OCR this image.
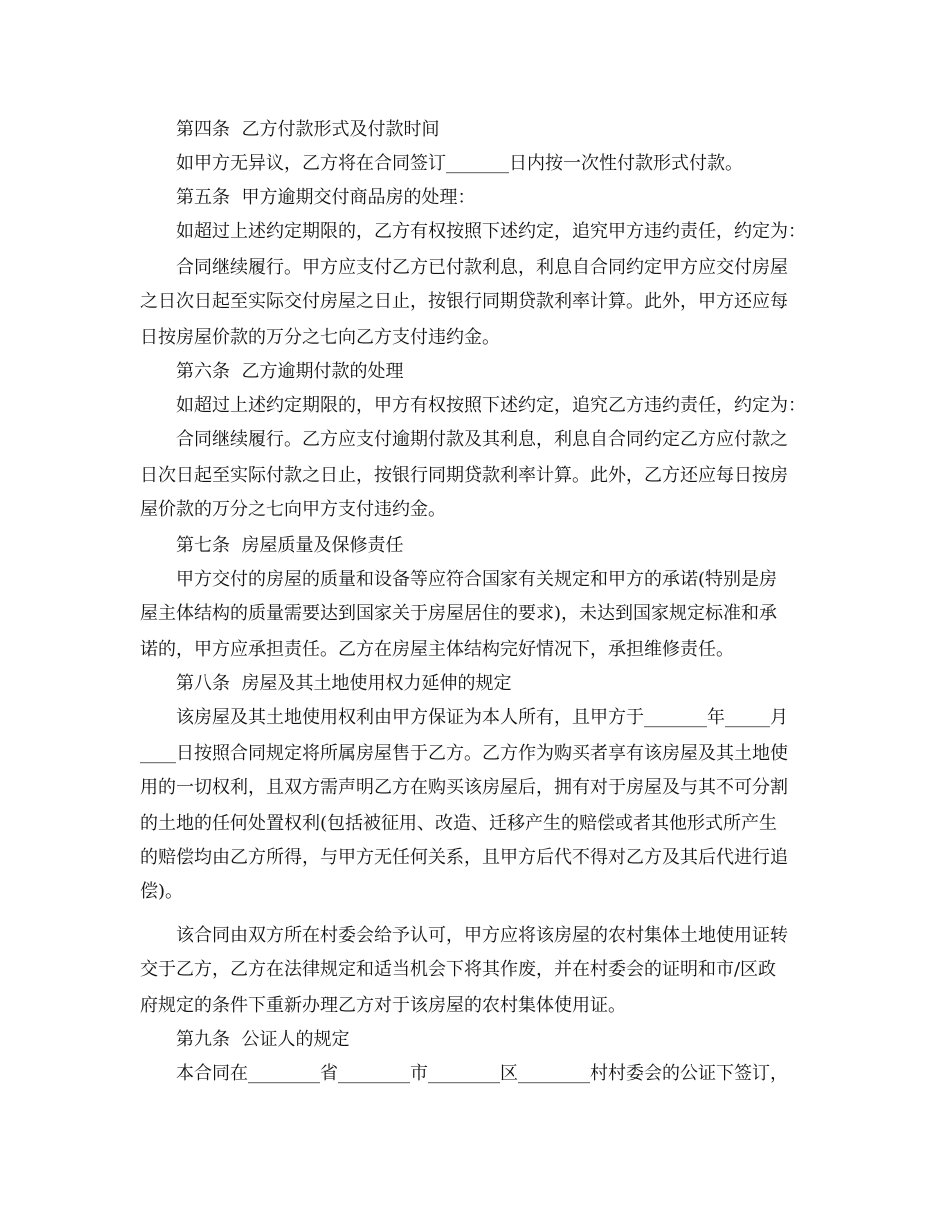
第四条  乙方付款形式及付款时间
如甲方无异议，乙方将在合同签订_______日内按一次性付款形式付款。
第五条  甲方逾期交付商品房的处理：
如超过上述约定期限的，乙方有权按照下述约定，追究甲方违约责任，约定为：
合同继续履行。甲方应支付乙方已付款利息，利息自合同约定甲方应交付房屋
之日次日起至实际交付房屋之日止，按银行同期贷款利率计算。此外，甲方还应每
日按房屋价款的万分之七向乙方支付违约金。
第六条  乙方逾期付款的处理
如超过上述约定期限的，甲方有权按照下述约定，追究乙方违约责任，约定为：
合同继续履行。乙方应支付逾期付款及其利息，利息自合同约定乙方应付款之
日次日起至实际付款之日止，按银行同期贷款利率计算。此外，乙方还应每日按房
屋价款的万分之七向甲方支付违约金。
第七条  房屋质量及保修责任
甲方交付的房屋的质量和设备等应符合国家有关规定和甲方的承诺(特别是房
屋主体结构的质量需要达到国家关于房屋居住的要求)，未达到国家规定标准和承
诺的，甲方应承担责任。乙方在房屋主体结构完好情况下，承担维修责任。
第八条  房屋及其土地使用权力延伸的规定
该房屋及其土地使用权利由甲方保证为本人所有，且甲方于_______年_____月
____日按照合同规定将所属房屋售于乙方。乙方作为购买者享有该房屋及其土地使
用的一切权利，且双方需声明乙方在购买该房屋后，拥有对于房屋及与其不可分割
的土地的任何处置权利(包括被征用、改造、迁移产生的赔偿或者其他形式所产生
的赔偿均由乙方所得，与甲方无任何关系，且甲方后代不得对乙方及其后代进行追
偿)。
该合同由双方所在村委会给予认可，甲方应将该房屋的农村集体土地使用证转
交于乙方，乙方在法律规定和适当机会下将其作废，并在村委会的证明和市/区政
府规定的条件下重新办理乙方对于该房屋的农村集体使用证。
第九条  公证人的规定
本合同在________省________市________区________村村委会的公证下签订，
